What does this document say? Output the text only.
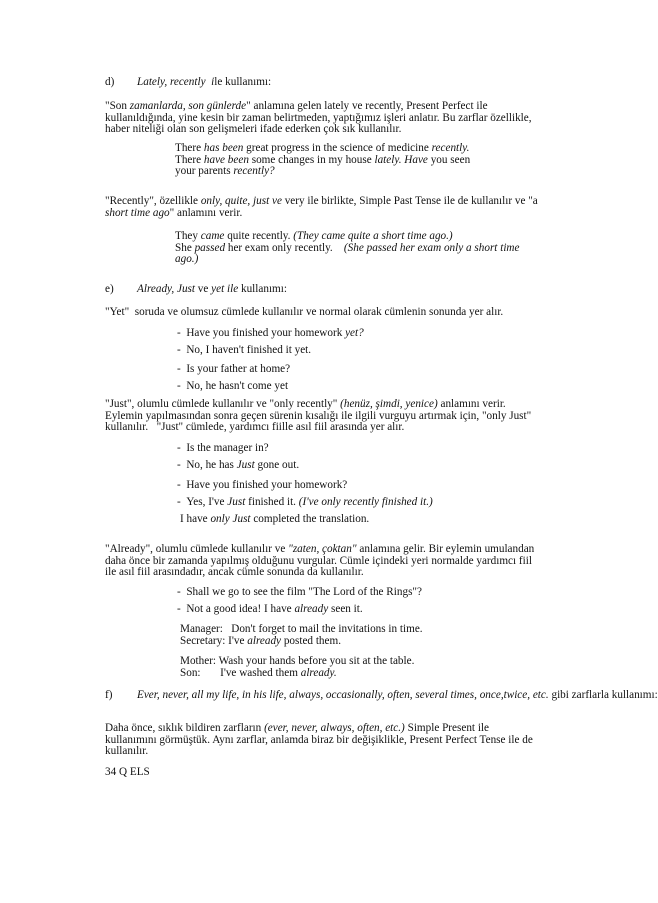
d) Lately, recently ile kullanımı:

"Son zamanlarda, son günlerde" anlamına gelen lately ve recently, Present Perfect ile
kullanıldığında, yine kesin bir zaman belirtmeden, yaptığımız işleri anlatır. Bu zarflar özellikle,
haber niteliği olan son gelişmeleri ifade ederken çok sık kullanılır.

There has been great progress in the science of medicine recently.
There have been some changes in my house lately. Have you seen
your parents recently?

"Recently", özellikle only, quite, just ve very ile birlikte, Simple Past Tense ile de kullanılır ve "a
short time ago" anlamını verir.

They came quite recently. (They came quite a short time ago.)
She passed her exam only recently.    (She passed her exam only a short time
ago.)

e) Already, Just ve yet ile kullanımı:

"Yet"  soruda ve olumsuz cümlede kullanılır ve normal olarak cümlenin sonunda yer alır.

-  Have you finished your homework yet?
-  No, I haven't finished it yet.

-  Is your father at home?
-  No, he hasn't come yet

"Just", olumlu cümlede kullanılır ve "only recently" (henüz, şimdi, yenice) anlamını verir.
Eylemin yapılmasından sonra geçen sürenin kısalığı ile ilgili vurguyu artırmak için, "only Just"
kullanılır.   "Just" cümlede, yardımcı fiille asıl fiil arasında yer alır.

-  Is the manager in?
-  No, he has Just gone out.

-  Have you finished your homework?
-  Yes, I've Just finished it. (I've only recently finished it.)

I have only Just completed the translation.

"Already", olumlu cümlede kullanılır ve "zaten, çoktan" anlamına gelir. Bir eylemin umulandan
daha önce bir zamanda yapılmış olduğunu vurgular. Cümle içindeki yeri normalde yardımcı fiil
ile asıl fiil arasındadır, ancak cümle sonunda da kullanılır.

-  Shall we go to see the film "The Lord of the Rings"?
-  Not a good idea! I have already seen it.

Manager:   Don't forget to mail the invitations in time.
Secretary: I've already posted them.

Mother: Wash your hands before you sit at the table.
Son:       I've washed them already.

f) Ever, never, all my life, in his life, always, occasionally, often, several times, once,twice, etc. gibi zarflarla kullanımı:

Daha önce, sıklık bildiren zarfların (ever, never, always, often, etc.) Simple Present ile
kullanımını görmüştük. Aynı zarflar, anlamda biraz bir değişiklikle, Present Perfect Tense ile de
kullanılır.

34 Q ELS
